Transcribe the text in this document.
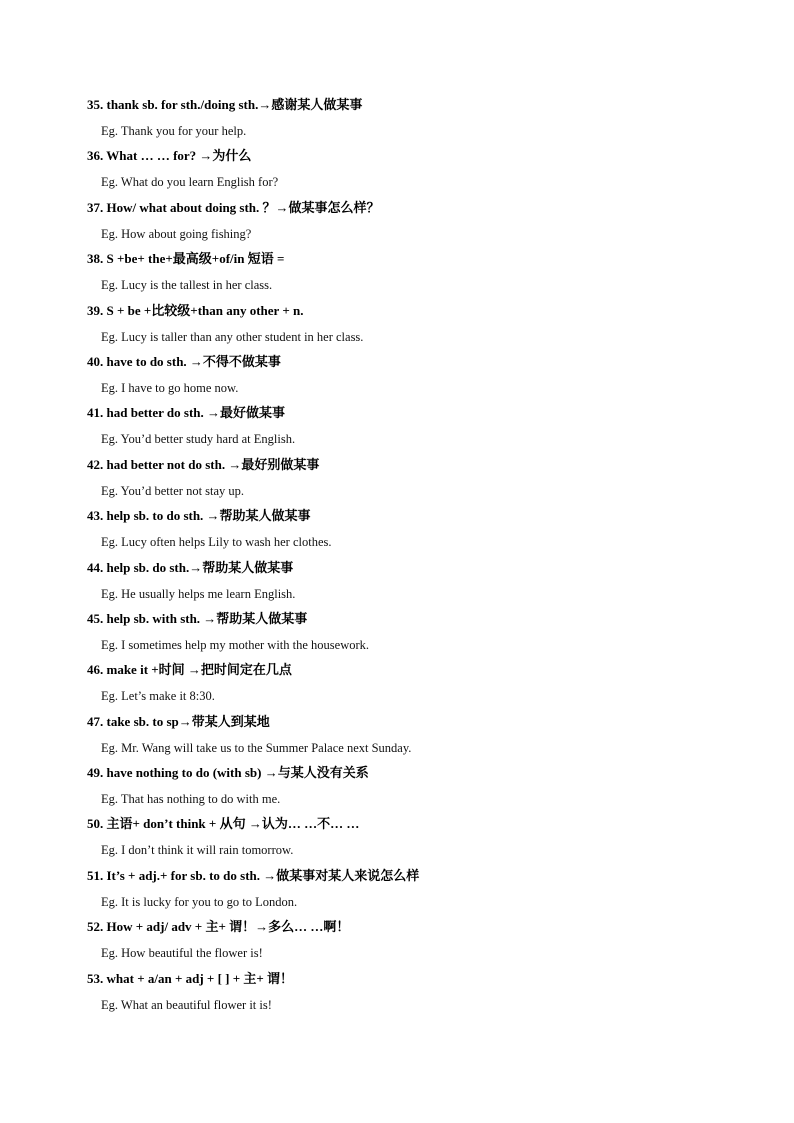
35. thank sb. for sth./doing sth.→感谢某人做某事
Eg. Thank you for your help.
36. What … … for? →为什么
Eg. What do you learn English for?
37. How/ what about doing sth. ？→做某事怎么样？
Eg. How about going fishing?
38. S +be+ the+最高级+of/in 短语 =
Eg. Lucy is the tallest in her class.
39. S + be +比较级+than any other + n.
Eg. Lucy is taller than any other student in her class.
40. have to do sth. →不得不做某事
Eg. I have to go home now.
41. had better do sth. →最好做某事
Eg. You’d better study hard at English.
42. had better not do sth. →最好别做某事
Eg. You’d better not stay up.
43. help sb. to do sth. →帮助某人做某事
Eg. Lucy often helps Lily to wash her clothes.
44. help sb. do sth.→帮助某人做某事
Eg. He usually helps me learn English.
45. help sb. with sth. →帮助某人做某事
Eg. I sometimes help my mother with the housework.
46. make it +时间 →把时间定在几点
Eg. Let’s make it 8:30.
47. take sb. to sp→带某人到某地
Eg. Mr. Wang will take us to the Summer Palace next Sunday.
49. have nothing to do (with sb) →与某人没有关系
Eg. That has nothing to do with me.
50. 主语+ don’t think + 从句 →认为… …不… …
Eg. I don’t think it will rain tomorrow.
51. It’s + adj.+ for sb. to do sth. →做某事对某人来说怎么样
Eg. It is lucky for you to go to London.
52. How + adj/ adv + 主+ 谓！→多么… …啊！
Eg. How beautiful the flower is!
53. what + a/an + adj + [ ] + 主+ 谓！
Eg. What an beautiful flower it is!
